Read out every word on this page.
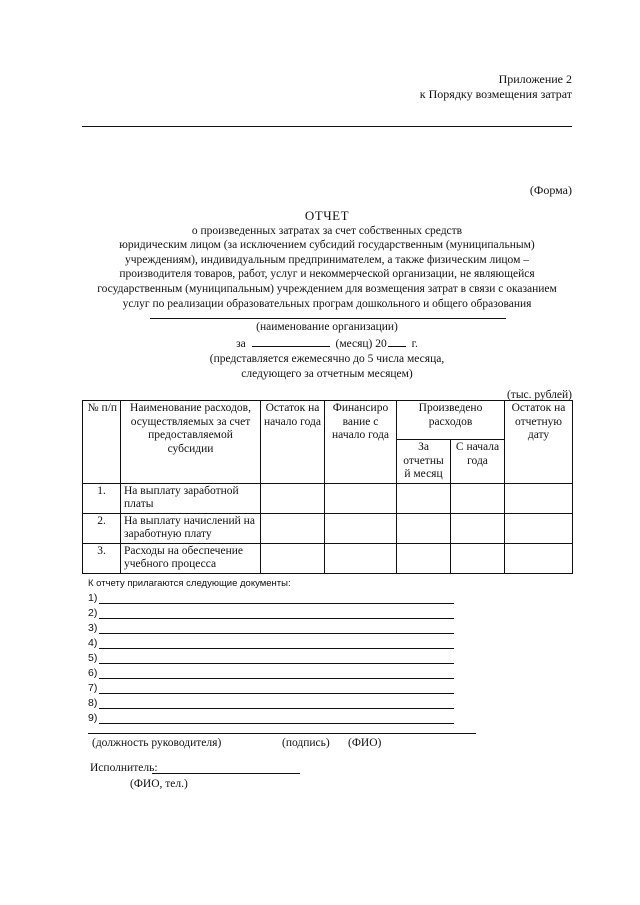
Приложение 2
к Порядку возмещения затрат
(Форма)
ОТЧЕТ
о произведенных затратах за счет собственных средств
юридическим лицом (за исключением субсидий государственным (муниципальным)
учреждениям), индивидуальным предпринимателем, а также физическим лицом –
производителя товаров, работ, услуг и некоммерческой организации, не являющейся
государственным (муниципальным) учреждением для возмещения затрат в связи с оказанием
услуг по реализации образовательных програм дошкольного и общего образования
(наименование организации)
за	(месяц) 20 г.
(представляется ежемесячно до 5 числа месяца,
следующего за отчетным месяцем)
(тыс. рублей)
№ п/п	Наименование расходов, осуществляемых за счет предоставляемой субсидии	Остаток на начало года	Финансиро вание с начало года	Произведено расходов		Остаток на отчетную дату
				За отчетны й месяц	С начала года	
1.	На выплату заработной платы					
2.	На выплату начислений на заработную плату					
3.	Расходы на обеспечение учебного процесса					
К отчету прилагаются следующие документы:
1)
2)
3)
4)
5)
6)
7)
8)
9)
(должность руководителя)	(подпись) (ФИО)
Исполнитель:
(ФИО, тел.)
